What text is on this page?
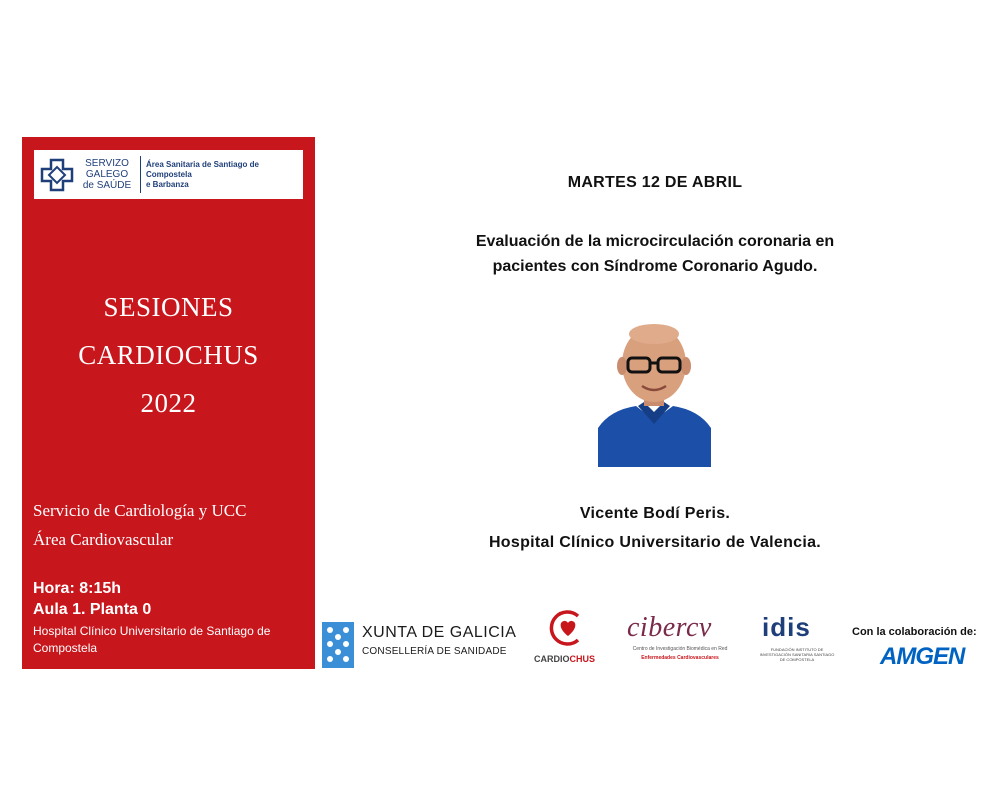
SERVIZO
GALEGO
de SAÚDE
Área Sanitaria de Santiago de Compostela
e Barbanza
SESIONES
CARDIOCHUS
2022
Servicio de Cardiología y UCC
Área Cardiovascular
Hora: 8:15h
Aula 1. Planta 0
Hospital Clínico Universitario de Santiago de Compostela
MARTES 12 DE ABRIL
Evaluación de la microcirculación coronaria en
pacientes con Síndrome Coronario Agudo.
Vicente Bodí Peris.
Hospital Clínico Universitario de Valencia.
XUNTA DE GALICIA
CONSELLERÍA DE SANIDADE
CARDIOCHUS
cibercv
Centro de Investigación Biomédica en Red
Enfermedades Cardiovasculares
idis
FUNDACIÓN INSTITUTO DE INVESTIGACIÓN SANITARIA SANTIAGO DE COMPOSTELA
Con la colaboración de:
AMGEN
